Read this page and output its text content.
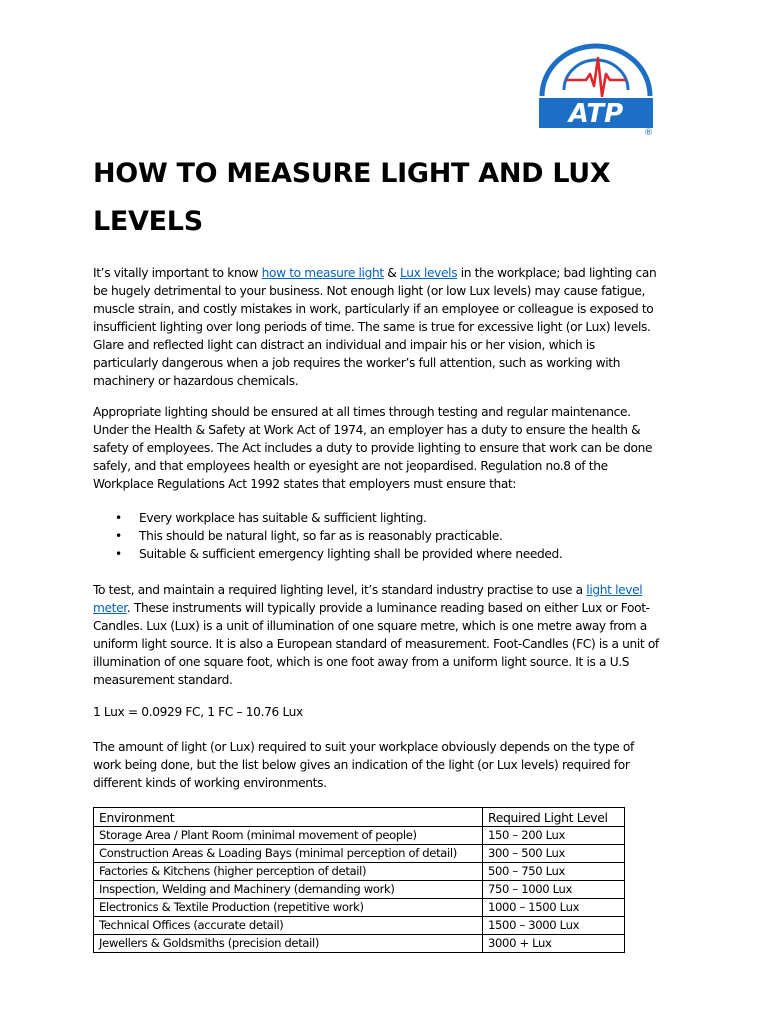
ATP
®
HOW TO MEASURE LIGHT AND LUX LEVELS

It’s vitally important to know how to measure light & Lux levels in the workplace; bad lighting can be hugely detrimental to your business. Not enough light (or low Lux levels) may cause fatigue, muscle strain, and costly mistakes in work, particularly if an employee or colleague is exposed to insufficient lighting over long periods of time. The same is true for excessive light (or Lux) levels. Glare and reflected light can distract an individual and impair his or her vision, which is particularly dangerous when a job requires the worker’s full attention, such as working with machinery or hazardous chemicals.

Appropriate lighting should be ensured at all times through testing and regular maintenance. Under the Health & Safety at Work Act of 1974, an employer has a duty to ensure the health & safety of employees. The Act includes a duty to provide lighting to ensure that work can be done safely, and that employees health or eyesight are not jeopardised. Regulation no.8 of the Workplace Regulations Act 1992 states that employers must ensure that:

• Every workplace has suitable & sufficient lighting.
• This should be natural light, so far as is reasonably practicable.
• Suitable & sufficient emergency lighting shall be provided where needed.

To test, and maintain a required lighting level, it’s standard industry practise to use a light level meter. These instruments will typically provide a luminance reading based on either Lux or Foot-Candles. Lux (Lux) is a unit of illumination of one square metre, which is one metre away from a uniform light source. It is also a European standard of measurement. Foot-Candles (FC) is a unit of illumination of one square foot, which is one foot away from a uniform light source. It is a U.S measurement standard.

1 Lux = 0.0929 FC, 1 FC – 10.76 Lux

The amount of light (or Lux) required to suit your workplace obviously depends on the type of work being done, but the list below gives an indication of the light (or Lux levels) required for different kinds of working environments.

Environment	Required Light Level
Storage Area / Plant Room (minimal movement of people)	150 – 200 Lux
Construction Areas & Loading Bays (minimal perception of detail)	300 – 500 Lux
Factories & Kitchens (higher perception of detail)	500 – 750 Lux
Inspection, Welding and Machinery (demanding work)	750 – 1000 Lux
Electronics & Textile Production (repetitive work)	1000 – 1500 Lux
Technical Offices (accurate detail)	1500 – 3000 Lux
Jewellers & Goldsmiths (precision detail)	3000 + Lux
